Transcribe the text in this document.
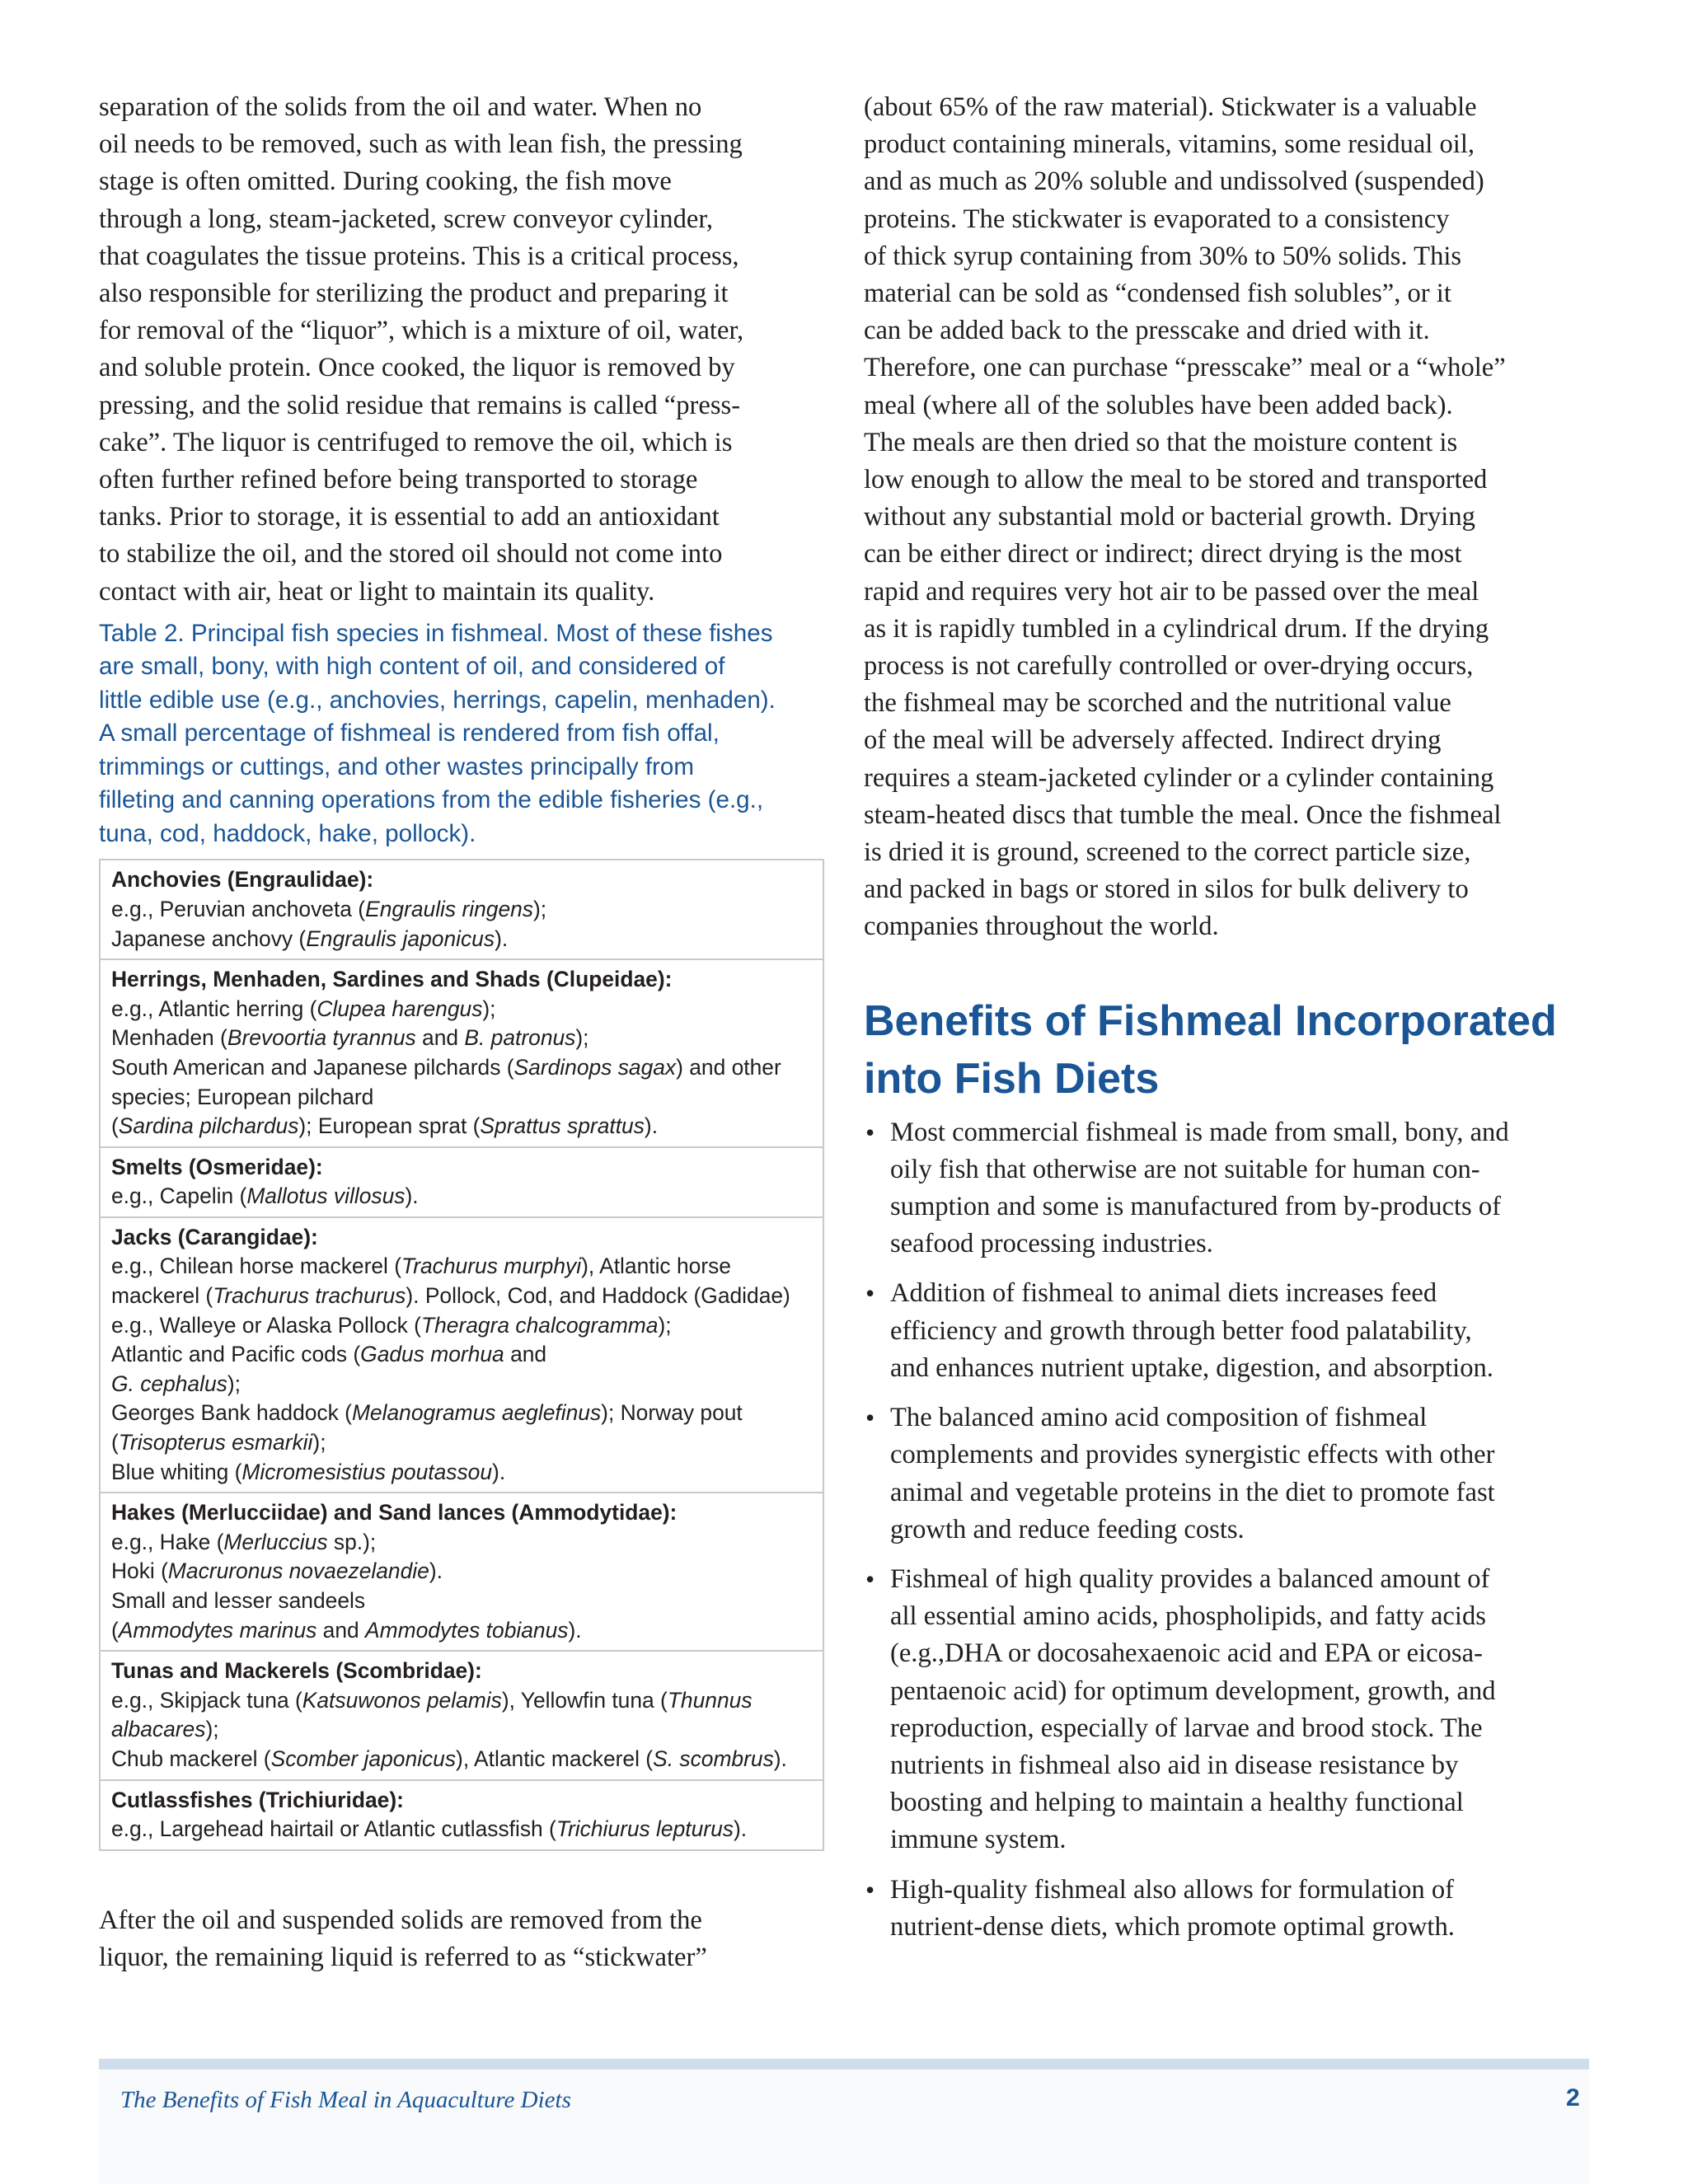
separation of the solids from the oil and water. When no
oil needs to be removed, such as with lean fish, the pressing
stage is often omitted. During cooking, the fish move
through a long, steam-jacketed, screw conveyor cylinder,
that coagulates the tissue proteins. This is a critical process,
also responsible for sterilizing the product and preparing it
for removal of the “liquor”, which is a mixture of oil, water,
and soluble protein. Once cooked, the liquor is removed by
pressing, and the solid residue that remains is called “press-
cake”. The liquor is centrifuged to remove the oil, which is
often further refined before being transported to storage
tanks. Prior to storage, it is essential to add an antioxidant
to stabilize the oil, and the stored oil should not come into
contact with air, heat or light to maintain its quality.

Table 2. Principal fish species in fishmeal. Most of these fishes
are small, bony, with high content of oil, and considered of
little edible use (e.g., anchovies, herrings, capelin, menhaden).
A small percentage of fishmeal is rendered from fish offal,
trimmings or cuttings, and other wastes principally from
filleting and canning operations from the edible fisheries (e.g.,
tuna, cod, haddock, hake, pollock).
Anchovies (Engraulidae):
e.g., Peruvian anchoveta (Engraulis ringens);
Japanese anchovy (Engraulis japonicus).
Herrings, Menhaden, Sardines and Shads (Clupeidae):
e.g., Atlantic herring (Clupea harengus);
Menhaden (Brevoortia tyrannus and B. patronus);
South American and Japanese pilchards (Sardinops sagax) and other
species; European pilchard
(Sardina pilchardus); European sprat (Sprattus sprattus).
Smelts (Osmeridae):
e.g., Capelin (Mallotus villosus).
Jacks (Carangidae):
e.g., Chilean horse mackerel (Trachurus murphyi), Atlantic horse
mackerel (Trachurus trachurus). Pollock, Cod, and Haddock (Gadidae)
e.g., Walleye or Alaska Pollock (Theragra chalcogramma);
Atlantic and Pacific cods (Gadus morhua and
G. cephalus);
Georges Bank haddock (Melanogramus aeglefinus); Norway pout
(Trisopterus esmarkii);
Blue whiting (Micromesistius poutassou).
Hakes (Merlucciidae) and Sand lances (Ammodytidae):
e.g., Hake (Merluccius sp.);
Hoki (Macruronus novaezelandie).
Small and lesser sandeels
(Ammodytes marinus and Ammodytes tobianus).
Tunas and Mackerels (Scombridae):
e.g., Skipjack tuna (Katsuwonos pelamis), Yellowfin tuna (Thunnus
albacares);
Chub mackerel (Scomber japonicus), Atlantic mackerel (S. scombrus).
Cutlassfishes (Trichiuridae):
e.g., Largehead hairtail or Atlantic cutlassfish (Trichiurus lepturus).

After the oil and suspended solids are removed from the
liquor, the remaining liquid is referred to as “stickwater”

(about 65% of the raw material). Stickwater is a valuable
product containing minerals, vitamins, some residual oil,
and as much as 20% soluble and undissolved (suspended)
proteins. The stickwater is evaporated to a consistency
of thick syrup containing from 30% to 50% solids. This
material can be sold as “condensed fish solubles”, or it
can be added back to the presscake and dried with it.
Therefore, one can purchase “presscake” meal or a “whole”
meal (where all of the solubles have been added back).
The meals are then dried so that the moisture content is
low enough to allow the meal to be stored and transported
without any substantial mold or bacterial growth. Drying
can be either direct or indirect; direct drying is the most
rapid and requires very hot air to be passed over the meal
as it is rapidly tumbled in a cylindrical drum. If the drying
process is not carefully controlled or over-drying occurs,
the fishmeal may be scorched and the nutritional value
of the meal will be adversely affected. Indirect drying
requires a steam-jacketed cylinder or a cylinder containing
steam-heated discs that tumble the meal. Once the fishmeal
is dried it is ground, screened to the correct particle size,
and packed in bags or stored in silos for bulk delivery to
companies throughout the world.

Benefits of Fishmeal Incorporated into Fish Diets
• Most commercial fishmeal is made from small, bony, and
oily fish that otherwise are not suitable for human con-
sumption and some is manufactured from by-products of
seafood processing industries.
• Addition of fishmeal to animal diets increases feed
efficiency and growth through better food palatability,
and enhances nutrient uptake, digestion, and absorption.
• The balanced amino acid composition of fishmeal
complements and provides synergistic effects with other
animal and vegetable proteins in the diet to promote fast
growth and reduce feeding costs.
• Fishmeal of high quality provides a balanced amount of
all essential amino acids, phospholipids, and fatty acids
(e.g.,DHA or docosahexaenoic acid and EPA or eicosa-
pentaenoic acid) for optimum development, growth, and
reproduction, especially of larvae and brood stock. The
nutrients in fishmeal also aid in disease resistance by
boosting and helping to maintain a healthy functional
immune system.
• High-quality fishmeal also allows for formulation of
nutrient-dense diets, which promote optimal growth.
The Benefits of Fish Meal in Aquaculture Diets	2
